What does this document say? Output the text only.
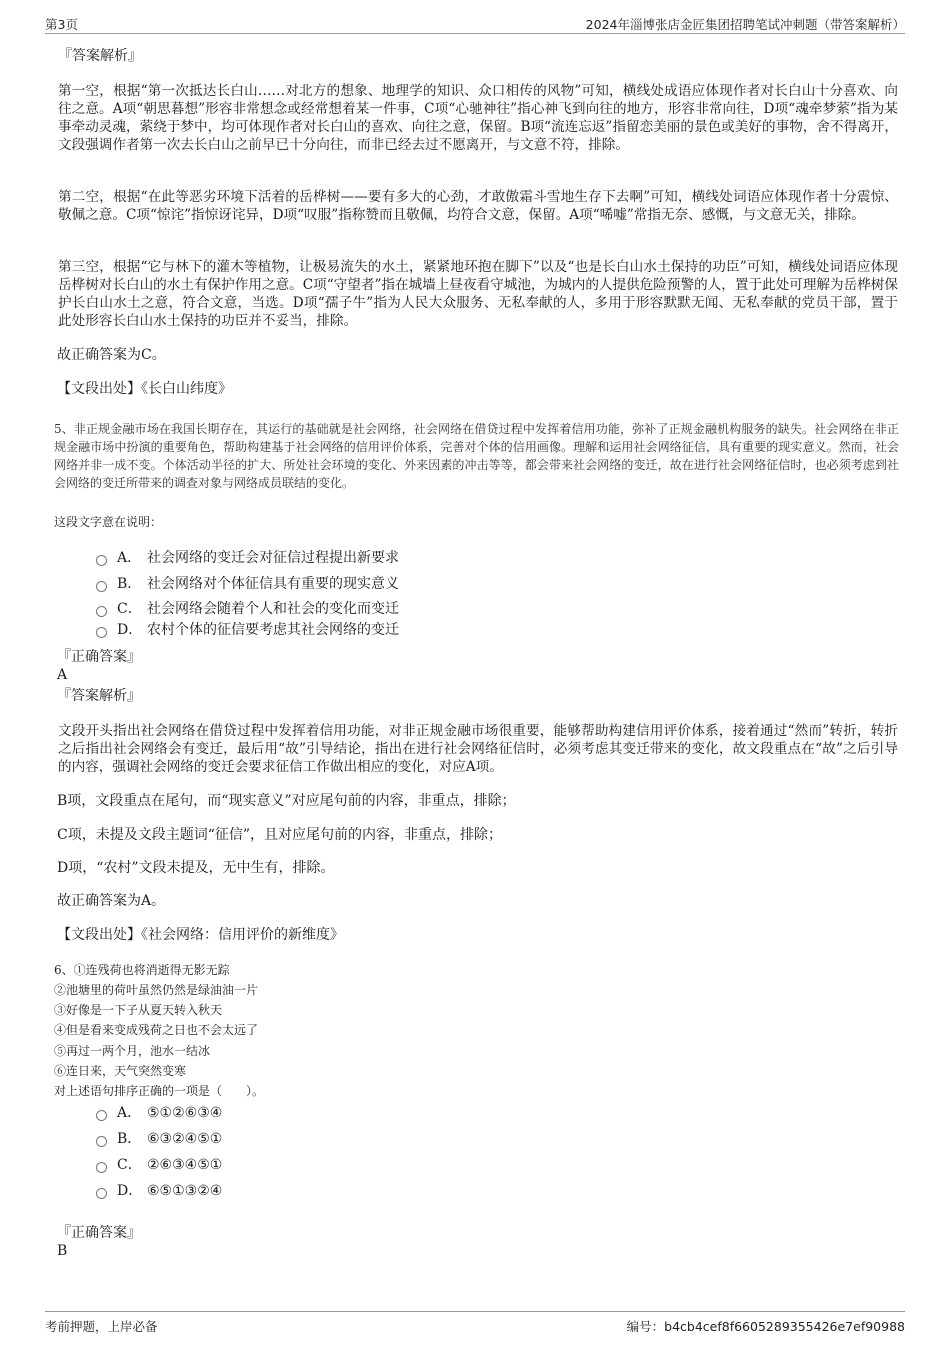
第3页	2024年淄博张店金匠集团招聘笔试冲刺题（带答案解析）
『答案解析』

第一空，根据“第一次抵达长白山……对北方的想象、地理学的知识、众口相传的风物”可知，横线处成语应体现作者对长白山十分喜欢、向往之意。A项“朝思暮想”形容非常想念或经常想着某一件事，C项“心驰神往”指心神飞到向往的地方，形容非常向往，D项“魂牵梦萦”指为某事牵动灵魂，萦绕于梦中，均可体现作者对长白山的喜欢、向往之意，保留。B项“流连忘返”指留恋美丽的景色或美好的事物，舍不得离开，文段强调作者第一次去长白山之前早已十分向往，而非已经去过不愿离开，与文意不符，排除。

第二空，根据“在此等恶劣环境下活着的岳桦树——要有多大的心劲，才敢傲霜斗雪地生存下去啊”可知，横线处词语应体现作者十分震惊、敬佩之意。C项“惊诧”指惊讶诧异，D项“叹服”指称赞而且敬佩，均符合文意，保留。A项“唏嘘”常指无奈、感慨，与文意无关，排除。

第三空，根据“它与林下的灌木等植物，让极易流失的水土，紧紧地环抱在脚下”以及“也是长白山水土保持的功臣”可知，横线处词语应体现岳桦树对长白山的水土有保护作用之意。C项“守望者”指在城墙上昼夜看守城池，为城内的人提供危险预警的人，置于此处可理解为岳桦树保护长白山水土之意，符合文意，当选。D项“孺子牛”指为人民大众服务、无私奉献的人，多用于形容默默无闻、无私奉献的党员干部，置于此处形容长白山水土保持的功臣并不妥当，排除。

故正确答案为C。
【文段出处】《长白山纬度》

5、非正规金融市场在我国长期存在，其运行的基础就是社会网络，社会网络在借贷过程中发挥着信用功能，弥补了正规金融机构服务的缺失。社会网络在非正规金融市场中扮演的重要角色，帮助构建基于社会网络的信用评价体系，完善对个体的信用画像。理解和运用社会网络征信，具有重要的现实意义。然而，社会网络并非一成不变。个体活动半径的扩大、所处社会环境的变化、外来因素的冲击等等，都会带来社会网络的变迁，故在进行社会网络征信时，也必须考虑到社会网络的变迁所带来的调查对象与网络成员联结的变化。

这段文字意在说明：
A． 社会网络的变迁会对征信过程提出新要求
B． 社会网络对个体征信具有重要的现实意义
C． 社会网络会随着个人和社会的变化而变迁
D． 农村个体的征信要考虑其社会网络的变迁
『正确答案』
A
『答案解析』

文段开头指出社会网络在借贷过程中发挥着信用功能，对非正规金融市场很重要，能够帮助构建信用评价体系，接着通过“然而”转折，转折之后指出社会网络会有变迁，最后用“故”引导结论，指出在进行社会网络征信时，必须考虑其变迁带来的变化，故文段重点在“故”之后引导的内容，强调社会网络的变迁会要求征信工作做出相应的变化，对应A项。

B项，文段重点在尾句，而“现实意义”对应尾句前的内容，非重点，排除；
C项，未提及文段主题词“征信”，且对应尾句前的内容，非重点，排除；
D项，“农村”文段未提及，无中生有，排除。
故正确答案为A。
【文段出处】《社会网络：信用评价的新维度》
6、①连残荷也将消逝得无影无踪
②池塘里的荷叶虽然仍然是绿油油一片
③好像是一下子从夏天转入秋天
④但是看来变成残荷之日也不会太远了
⑤再过一两个月，池水一结冰
⑥连日来，天气突然变寒
对上述语句排序正确的一项是（　　）。
A． ⑤①②⑥③④
B． ⑥③②④⑤①
C． ②⑥③④⑤①
D． ⑥⑤①③②④
『正确答案』
B
考前押题，上岸必备	编号：b4cb4cef8f6605289355426e7ef90988
